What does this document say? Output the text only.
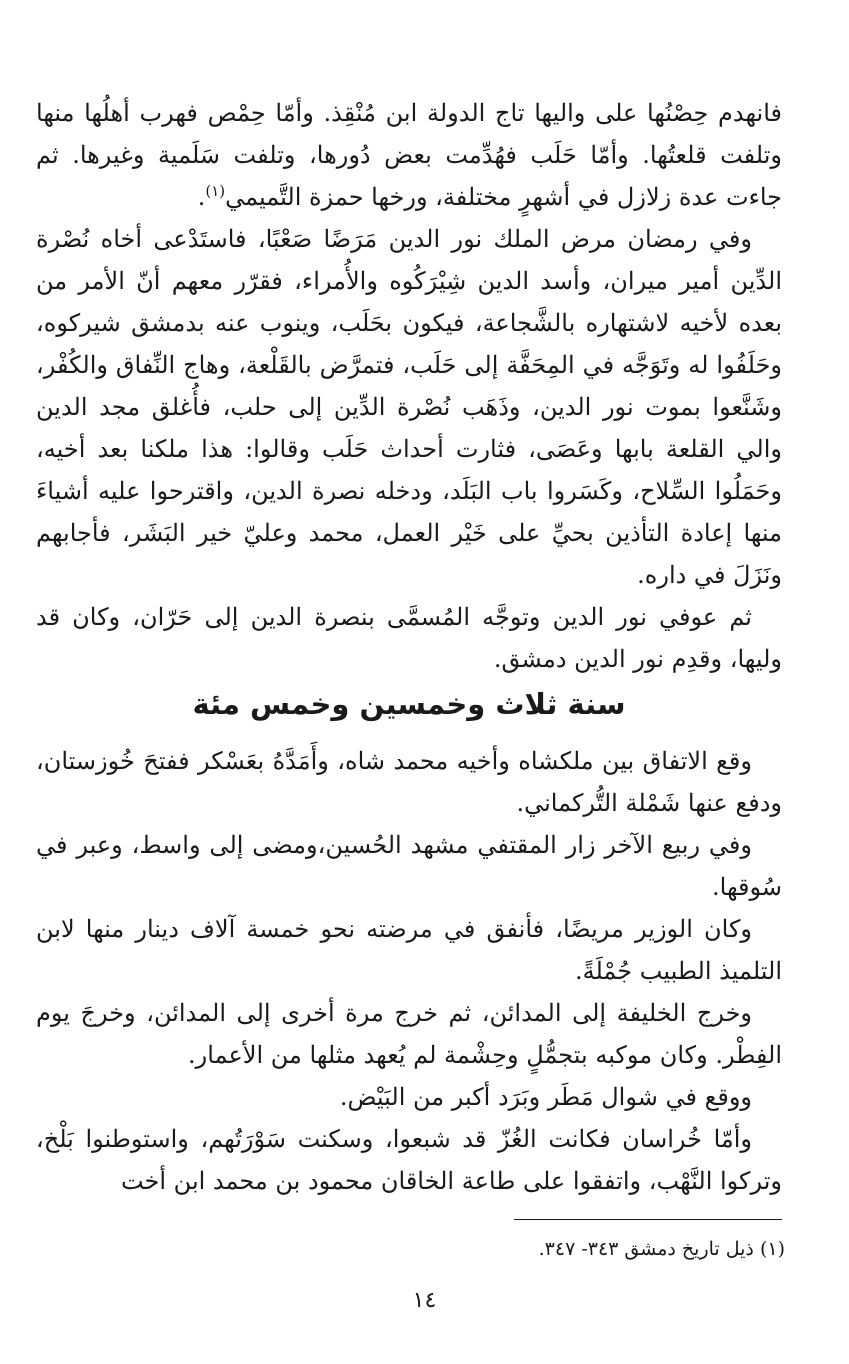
فانهدم حِصْنُها على واليها تاج الدولة ابن مُنْقِذ. وأمّا حِمْص فهرب أهلُها منها وتلفت قلعتُها. وأمّا حَلَب فهُدِّمت بعض دُورها، وتلفت سَلَمية وغيرها. ثم جاءت عدة زلازل في أشهرٍ مختلفة، ورخها حمزة التَّميمي$^{(١)}$.

وفي رمضان مرض الملك نور الدين مَرَضًا صَعْبًا، فاستَدْعى أخاه نُصْرة الدِّين أمير ميران، وأسد الدين شِيْرَكُوه والأُمراء، فقرّر معهم أنّ الأمر من بعده لأخيه لاشتهاره بالشَّجاعة، فيكون بحَلَب، وينوب عنه بدمشق شيركوه، وحَلَفُوا له وتَوَجَّه في المِحَفَّة إلى حَلَب، فتمرَّض بالقَلْعة، وهاج النِّفاق والكُفْر، وشَنَّعوا بموت نور الدين، وذَهَب نُصْرة الدِّين إلى حلب، فأُغلق مجد الدين والي القلعة بابها وعَصَى، فثارت أحداث حَلَب وقالوا: هذا ملكنا بعد أخيه، وحَمَلُوا السِّلاح، وكَسَروا باب البَلَد، ودخله نصرة الدين، واقترحوا عليه أشياءَ منها إعادة التأذين بحيِّ على خَيْر العمل، محمد وعليّ خير البَشَر، فأجابهم ونَزَلَ في داره.

ثم عوفي نور الدين وتوجَّه المُسمَّى بنصرة الدين إلى حَرّان، وكان قد وليها، وقدِم نور الدين دمشق.

سنة ثلاث وخمسين وخمس مئة

وقع الاتفاق بين ملكشاه وأخيه محمد شاه، وأَمَدَّهُ بعَسْكر ففتحَ خُوزستان، ودفع عنها شَمْلة التُّركماني.

وفي ربيع الآخر زار المقتفي مشهد الحُسين،ومضى إلى واسط، وعبر في سُوقها.

وكان الوزير مريضًا، فأنفق في مرضته نحو خمسة آلاف دينار منها لابن التلميذ الطبيب جُمْلَةً.

وخرج الخليفة إلى المدائن، ثم خرج مرة أخرى إلى المدائن، وخرجَ يوم الفِطْر. وكان موكبه بتجمُّلٍ وحِشْمة لم يُعهد مثلها من الأعمار.

ووقع في شوال مَطَر وبَرَد أكبر من البَيْض.

وأمّا خُراسان فكانت الغُزّ قد شبعوا، وسكنت سَوْرَتُهم، واستوطنوا بَلْخ، وتركوا النَّهْب، واتفقوا على طاعة الخاقان محمود بن محمد ابن أخت

(١) ذيل تاريخ دمشق ٣٤٣- ٣٤٧.
١٤
